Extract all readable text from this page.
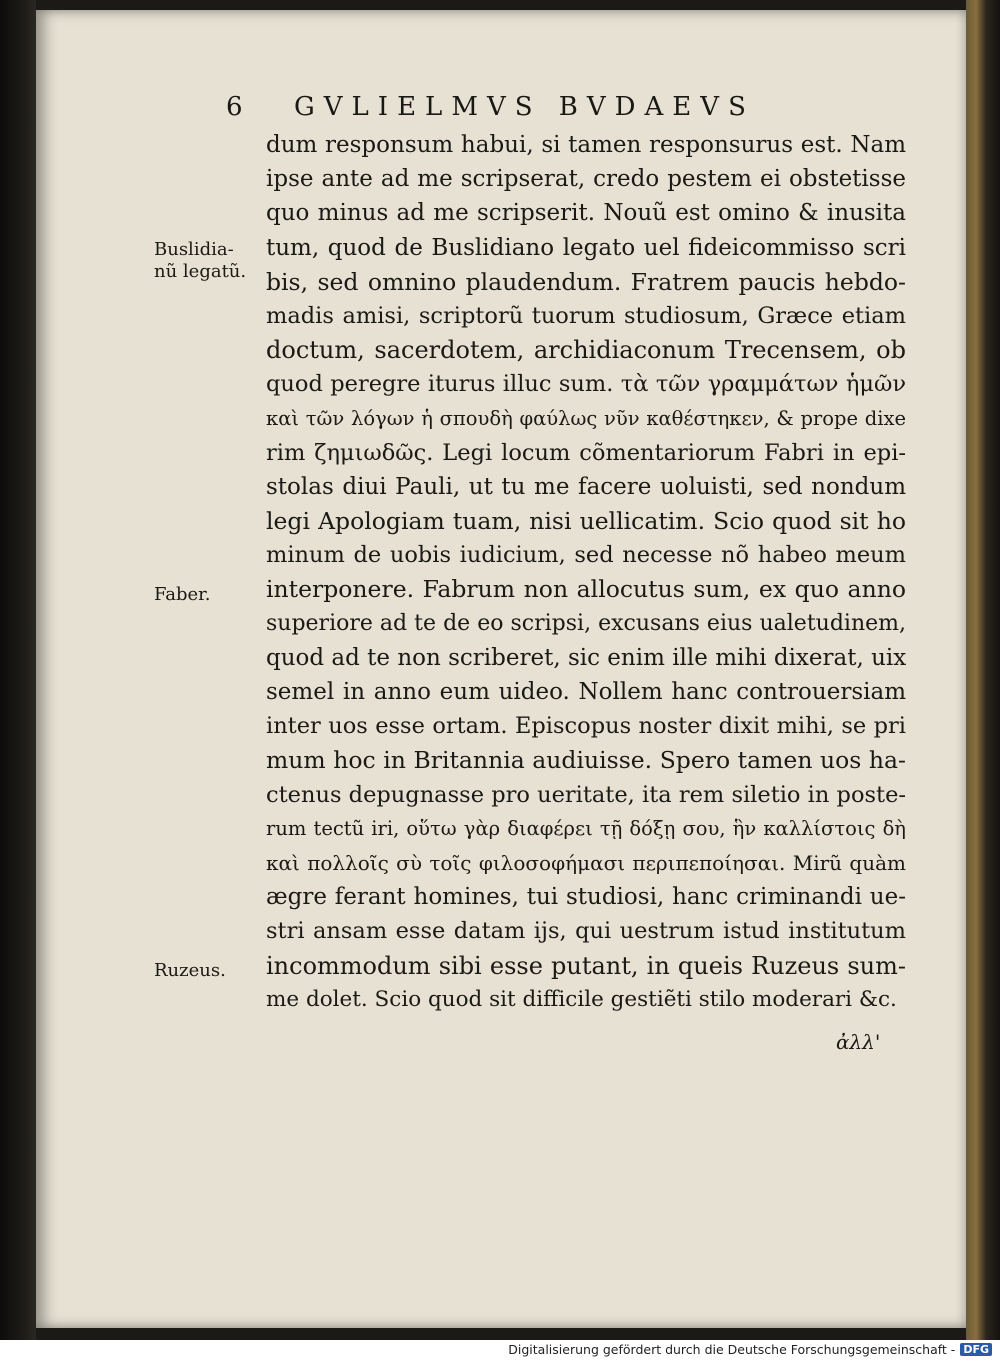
6 GVLIELMVS BVDAEVS
Buslidia-
nũ legatũ.
Faber.
Ruzeus.
dum responsum habui, si tamen responsurus est. Nam
ipse ante ad me scripserat, credo pestem ei obstetisse
quo minus ad me scripserit. Nouũ est omino & inusita
tum, quod de Buslidiano legato uel fideicommisso scri
bis, sed omnino plaudendum. Fratrem paucis hebdo-
madis amisi, scriptorũ tuorum studiosum, Græce etiam
doctum, sacerdotem, archidiaconum Trecensem, ob
quod peregre iturus illuc sum. τὰ τῶν γραμμάτων ἡμῶν
καὶ τῶν λόγων ἡ σπουδὴ φαύλως νῦν καθέστηκεν, & prope dixe
rim ζημιωδῶς. Legi locum cõmentariorum Fabri in epi-
stolas diui Pauli, ut tu me facere uoluisti, sed nondum
legi Apologiam tuam, nisi uellicatim. Scio quod sit ho
minum de uobis iudicium, sed necesse nõ habeo meum
interponere. Fabrum non allocutus sum, ex quo anno
superiore ad te de eo scripsi, excusans eius ualetudinem,
quod ad te non scriberet, sic enim ille mihi dixerat, uix
semel in anno eum uideo. Nollem hanc controuersiam
inter uos esse ortam. Episcopus noster dixit mihi, se pri
mum hoc in Britannia audiuisse. Spero tamen uos ha-
ctenus depugnasse pro ueritate, ita rem siletio in poste-
rum tectũ iri, οὕτω γὰρ διαφέρει τῇ δόξῃ σου, ἣν καλλίστοις δὴ
καὶ πολλοῖς σὺ τοῖς φιλοσοφήμασι περιπεποίησαι. Mirũ quàm
ægre ferant homines, tui studiosi, hanc criminandi ue-
stri ansam esse datam ijs, qui uestrum istud institutum
incommodum sibi esse putant, in queis Ruzeus sum-
me dolet. Scio quod sit difficile gestiẽti stilo moderari &c.
ἀλλ'
Digitalisierung gefördert durch die Deutsche Forschungsgemeinschaft - DFG
